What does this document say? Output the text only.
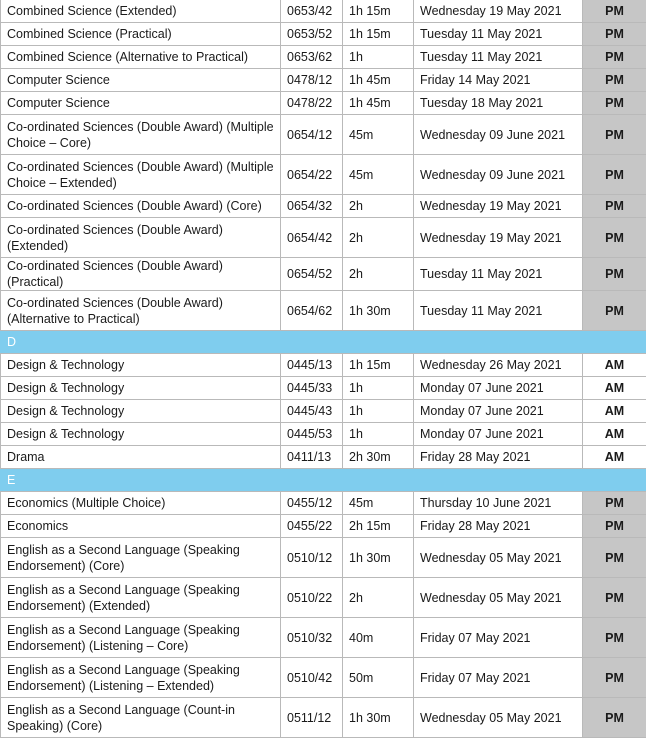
Combined Science (Extended)	0653/42	1h 15m	Wednesday 19 May 2021	PM
Combined Science (Practical)	0653/52	1h 15m	Tuesday 11 May 2021	PM
Combined Science (Alternative to Practical)	0653/62	1h	Tuesday 11 May 2021	PM
Computer Science	0478/12	1h 45m	Friday 14 May 2021	PM
Computer Science	0478/22	1h 45m	Tuesday 18 May 2021	PM
Co-ordinated Sciences (Double Award) (Multiple Choice – Core)	0654/12	45m	Wednesday 09 June 2021	PM
Co-ordinated Sciences (Double Award) (Multiple Choice – Extended)	0654/22	45m	Wednesday 09 June 2021	PM
Co-ordinated Sciences (Double Award) (Core)	0654/32	2h	Wednesday 19 May 2021	PM
Co-ordinated Sciences (Double Award) (Extended)	0654/42	2h	Wednesday 19 May 2021	PM
Co-ordinated Sciences (Double Award) (Practical)	0654/52	2h	Tuesday 11 May 2021	PM
Co-ordinated Sciences (Double Award) (Alternative to Practical)	0654/62	1h 30m	Tuesday 11 May 2021	PM
D				
Design & Technology	0445/13	1h 15m	Wednesday 26 May 2021	AM
Design & Technology	0445/33	1h	Monday 07 June 2021	AM
Design & Technology	0445/43	1h	Monday 07 June 2021	AM
Design & Technology	0445/53	1h	Monday 07 June 2021	AM
Drama	0411/13	2h 30m	Friday 28 May 2021	AM
E				
Economics (Multiple Choice)	0455/12	45m	Thursday 10 June 2021	PM
Economics	0455/22	2h 15m	Friday 28 May 2021	PM
English as a Second Language (Speaking Endorsement) (Core)	0510/12	1h 30m	Wednesday 05 May 2021	PM
English as a Second Language (Speaking Endorsement) (Extended)	0510/22	2h	Wednesday 05 May 2021	PM
English as a Second Language (Speaking Endorsement) (Listening – Core)	0510/32	40m	Friday 07 May 2021	PM
English as a Second Language (Speaking Endorsement) (Listening – Extended)	0510/42	50m	Friday 07 May 2021	PM
English as a Second Language (Count-in Speaking) (Core)	0511/12	1h 30m	Wednesday 05 May 2021	PM
